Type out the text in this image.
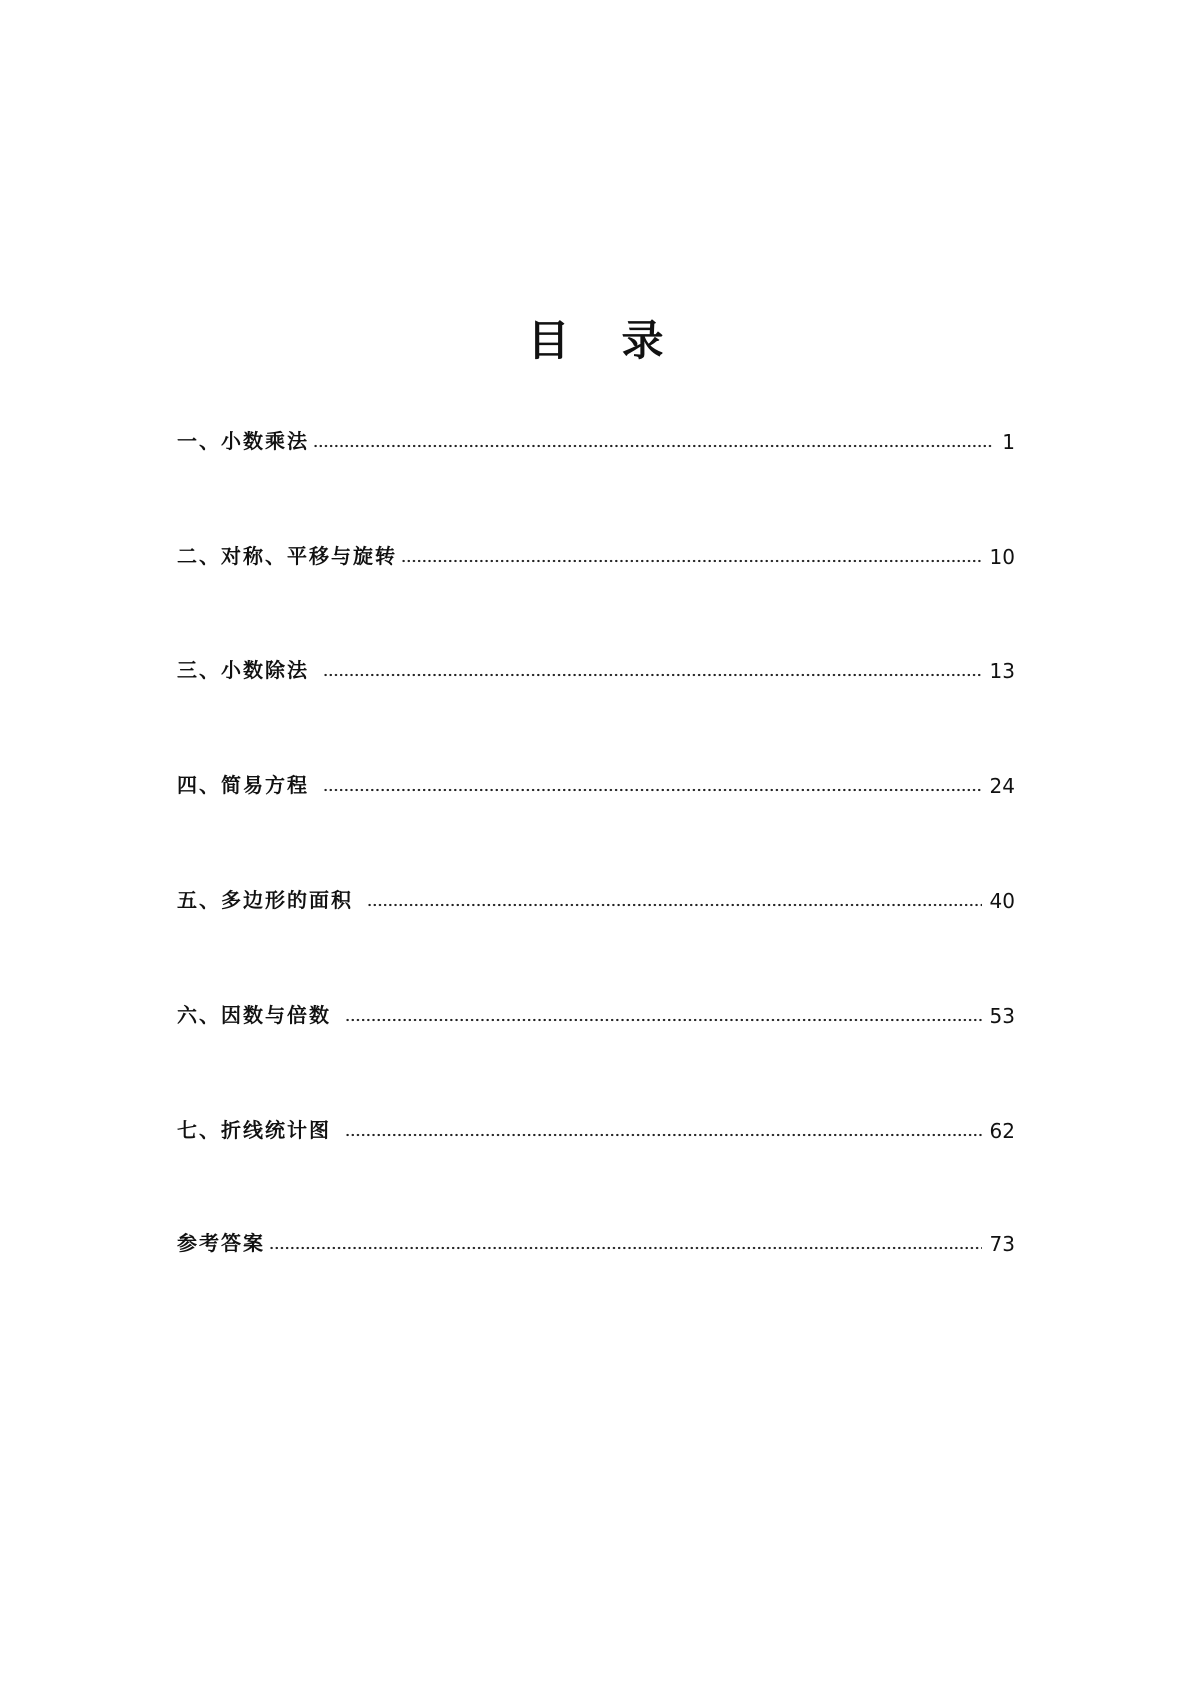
目录
一、小数乘法	1
二、对称、平移与旋转	10
三、小数除法	13
四、简易方程	24
五、多边形的面积	40
六、因数与倍数	53
七、折线统计图	62
参考答案	73
